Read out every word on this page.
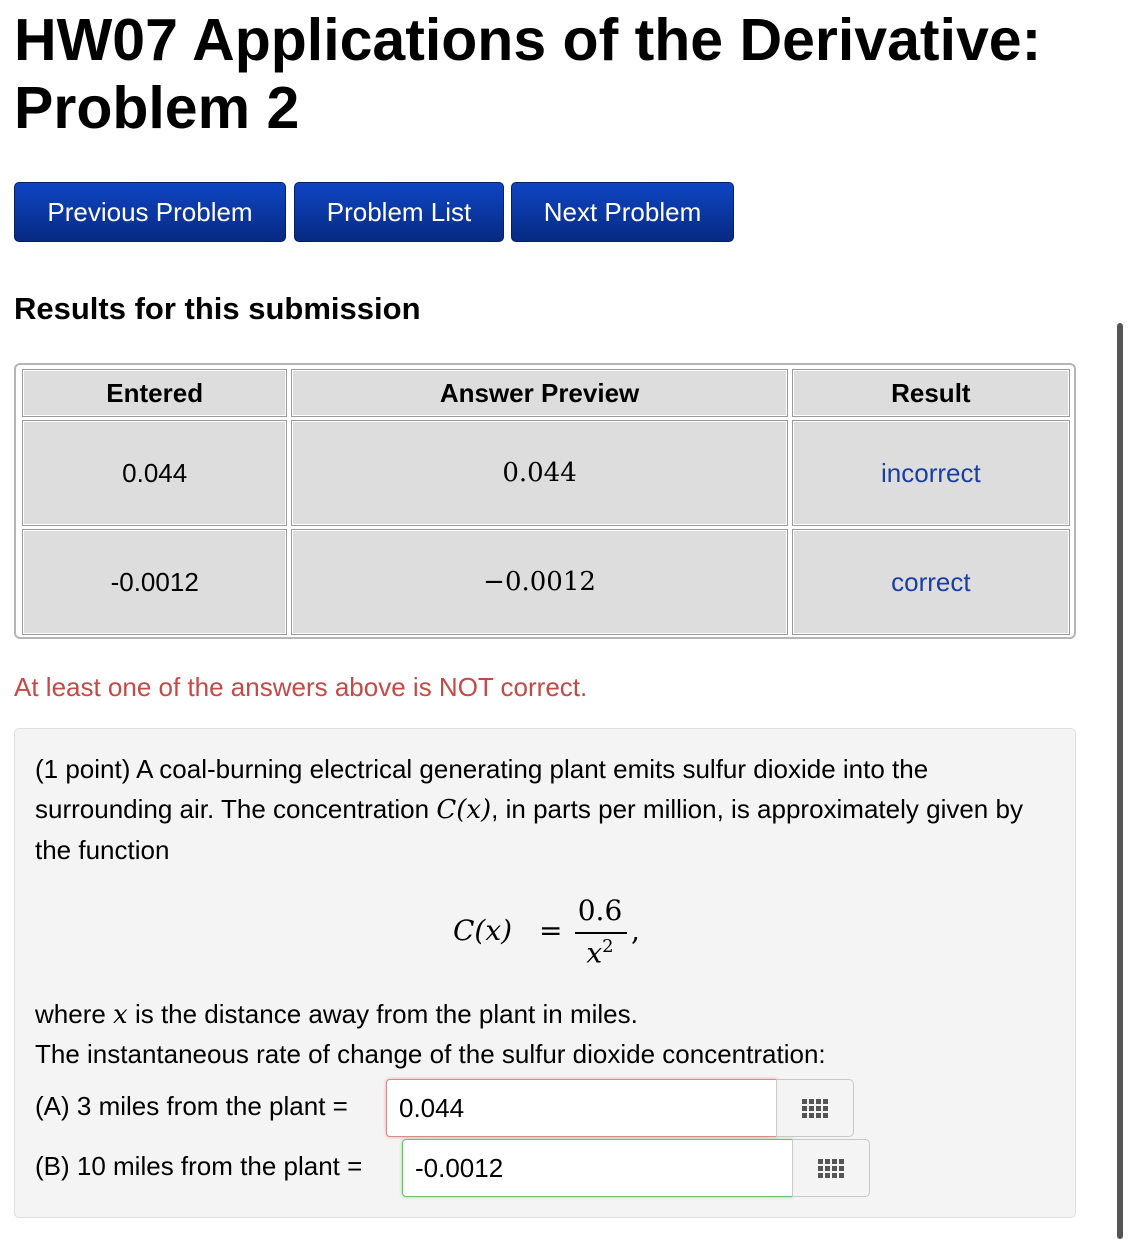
HW07 Applications of the Derivative: Problem 2
Previous Problem	Problem List	Next Problem
Results for this submission
Entered	Answer Preview	Result
0.044	0.044	incorrect
-0.0012	−0.0012	correct
At least one of the answers above is NOT correct.

(1 point) A coal-burning electrical generating plant emits sulfur dioxide into the surrounding air. The concentration C(x), in parts per million, is approximately given by the function

C(x) =
0.6
$x^2$ ,
where x is the distance away from the plant in miles.
The instantaneous rate of change of the sulfur dioxide concentration:
(A) 3 miles from the plant =
0.044
(B) 10 miles from the plant =
-0.0012
